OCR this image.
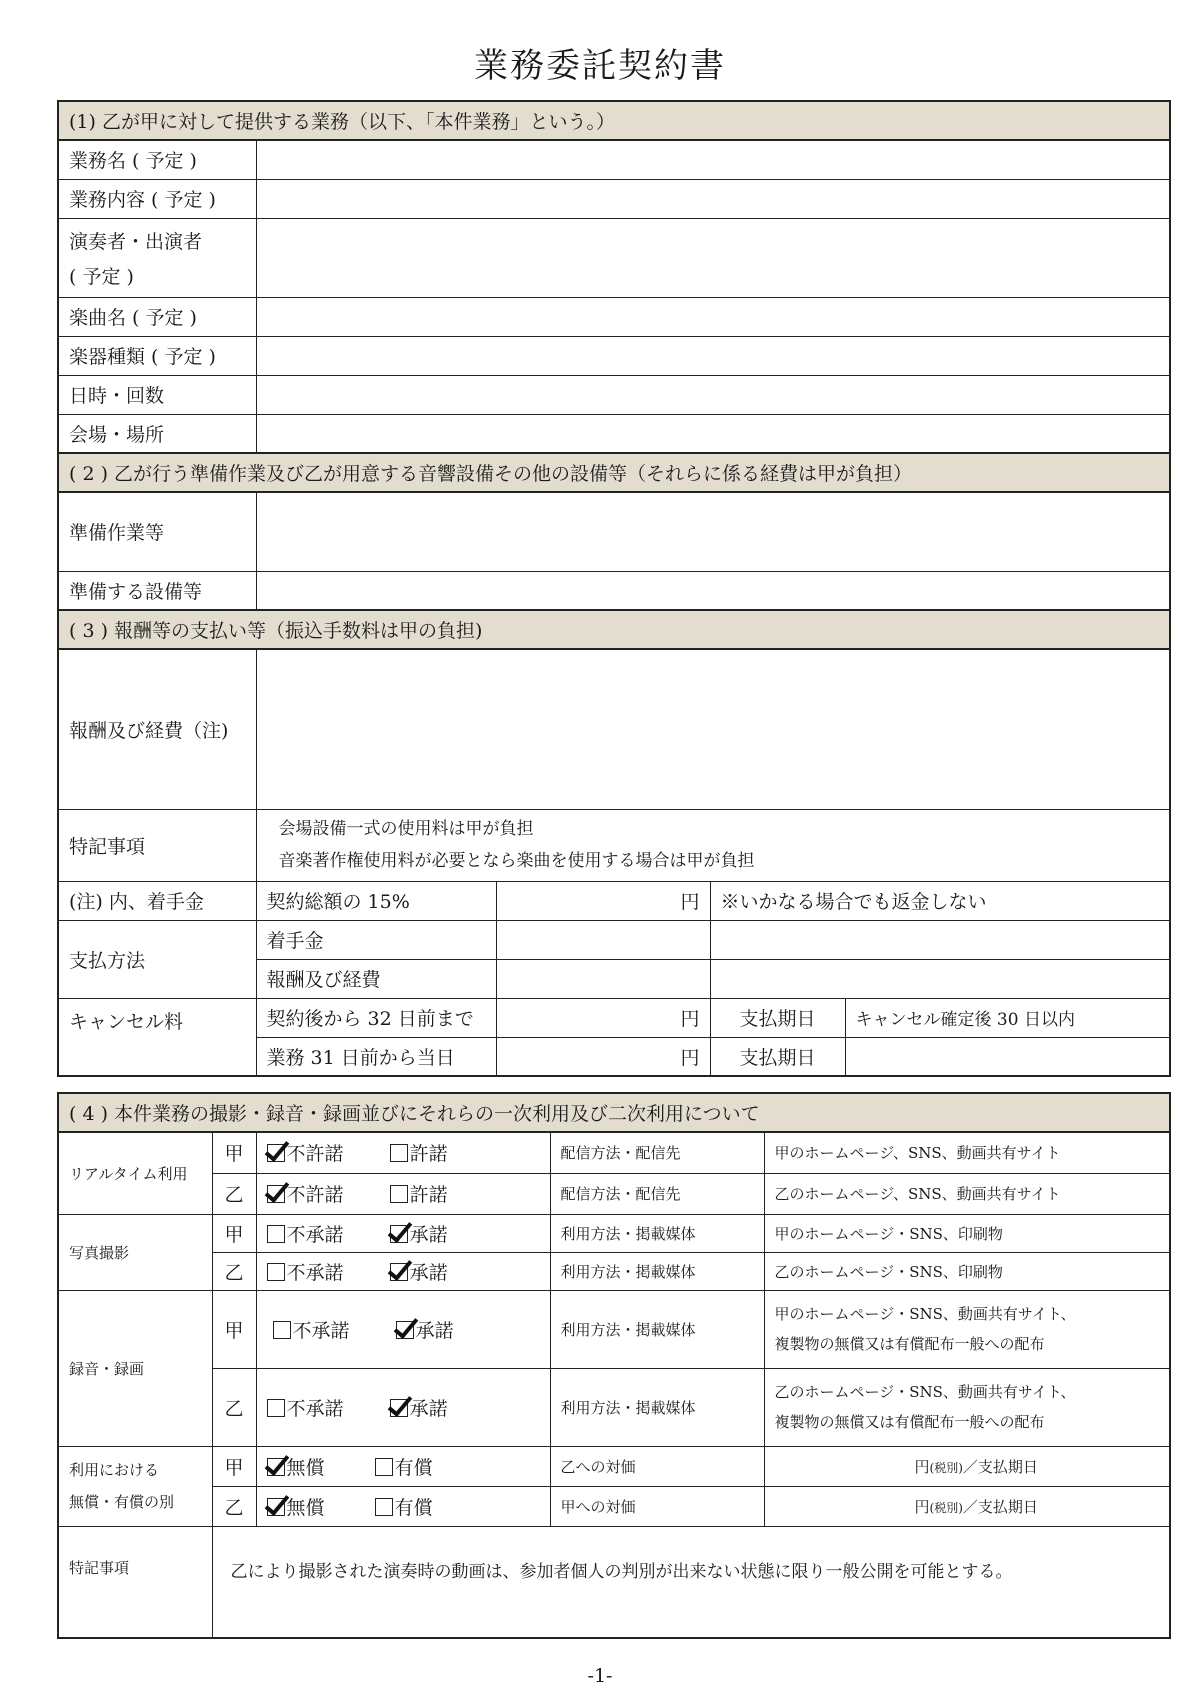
業務委託契約書
(1) 乙が甲に対して提供する業務（以下、「本件業務」という。）				
業務名 ( 予定 )				
業務内容 ( 予定 )				

演奏者・出演者
( 予定 )				

楽曲名 ( 予定 )				
楽器種類 ( 予定 )				
日時・回数				
会場・場所				
( 2 ) 乙が行う準備作業及び乙が用意する音響設備その他の設備等（それらに係る経費は甲が負担）				
準備作業等				
準備する設備等				
( 3 ) 報酬等の支払い等（振込手数料は甲の負担)				
報酬及び経費（注)				
特記事項	会場設備一式の使用料は甲が負担
音楽著作権使用料が必要となら楽曲を使用する場合は甲が負担			

(注) 内、着手金	契約総額の 15%	円	※いかなる場合でも返金しない	
支払方法	着手金			
	報酬及び経費			
キャンセル料	契約後から 32 日前まで	円	支払期日	キャンセル確定後 30 日以内
	業務 31 日前から当日	円	支払期日	
( 4 ) 本件業務の撮影・録音・録画並びにそれらの一次利用及び二次利用について				
リアルタイム利用	甲	不許諾 許諾	配信方法・配信先	甲のホームページ、SNS、動画共有サイト
	乙	不許諾 許諾	配信方法・配信先	乙のホームページ、SNS、動画共有サイト
写真撮影	甲	不承諾 承諾	利用方法・掲載媒体	甲のホームページ・SNS、印刷物
	乙	不承諾 承諾	利用方法・掲載媒体	乙のホームページ・SNS、印刷物
録音・録画	甲	不承諾 承諾	利用方法・掲載媒体	甲のホームページ・SNS、動画共有サイト、
複製物の無償又は有償配布一般への配布

	乙	不承諾 承諾	利用方法・掲載媒体	乙のホームページ・SNS、動画共有サイト、
複製物の無償又は有償配布一般への配布

利用における
無償・有償の別	甲	無償 有償	乙への対価	円(税別)／支払期日
	乙	無償 有償	甲への対価	円(税別)／支払期日
特記事項	乙により撮影された演奏時の動画は、参加者個人の判別が出来ない状態に限り一般公開を可能とする。			
-1-
